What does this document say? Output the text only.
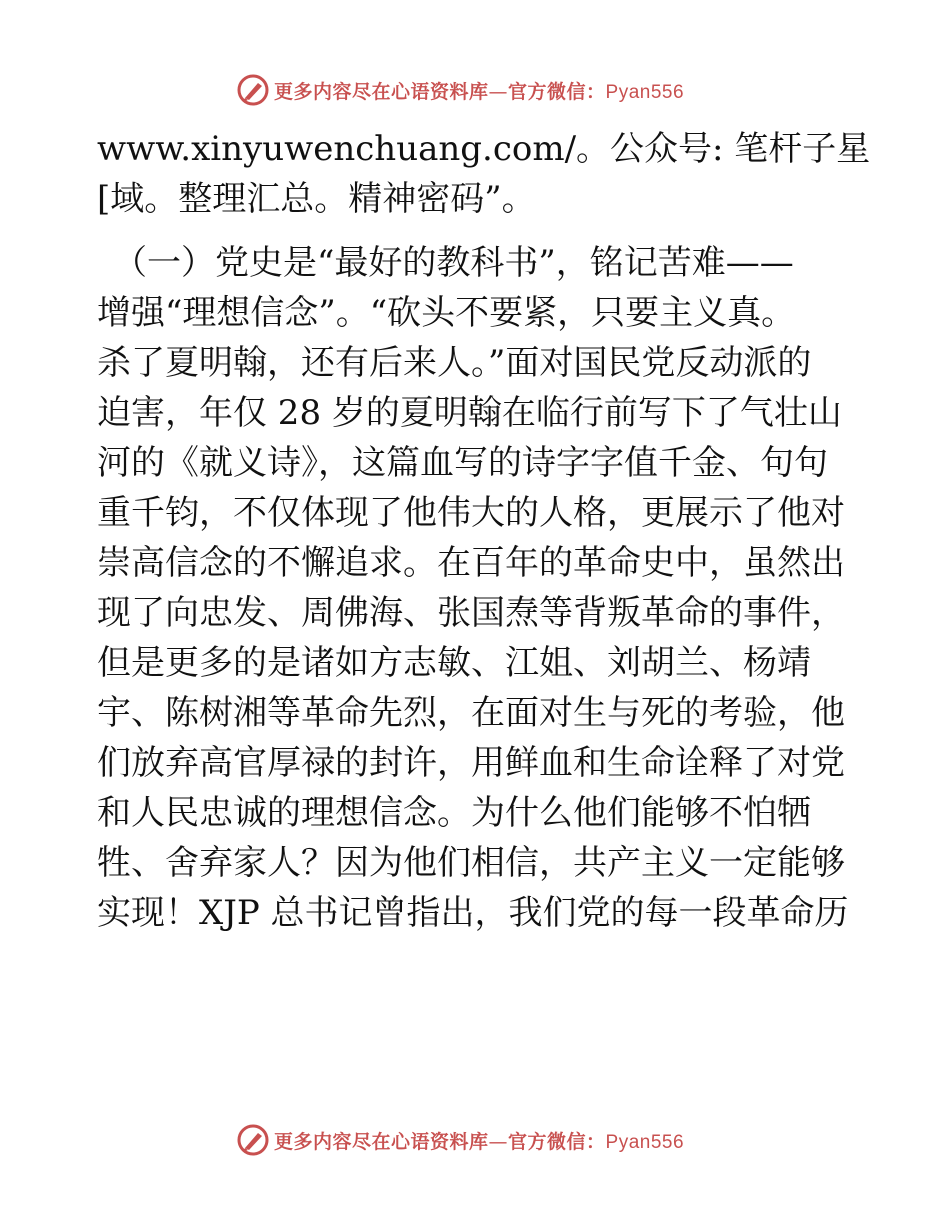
更多内容尽在心语资料库—官方微信：Pyan556
www.xinyuwenchuang.com/。公众号: 笔杆子星
[域。整理汇总。精神密码”。
（一）党史是“最好的教科书”，铭记苦难——
增强“理想信念”。“砍头不要紧，只要主义真。
杀了夏明翰，还有后来人。”面对国民党反动派的
迫害，年仅 28 岁的夏明翰在临行前写下了气壮山
河的《就义诗》，这篇血写的诗字字值千金、句句
重千钧，不仅体现了他伟大的人格，更展示了他对
崇高信念的不懈追求。在百年的革命史中，虽然出
现了向忠发、周佛海、张国焘等背叛革命的事件，
但是更多的是诸如方志敏、江姐、刘胡兰、杨靖
宇、陈树湘等革命先烈，在面对生与死的考验，他
们放弃高官厚禄的封许，用鲜血和生命诠释了对党
和人民忠诚的理想信念。为什么他们能够不怕牺
牲、舍弃家人？因为他们相信，共产主义一定能够
实现！XJP 总书记曾指出，我们党的每一段革命历
更多内容尽在心语资料库—官方微信：Pyan556
